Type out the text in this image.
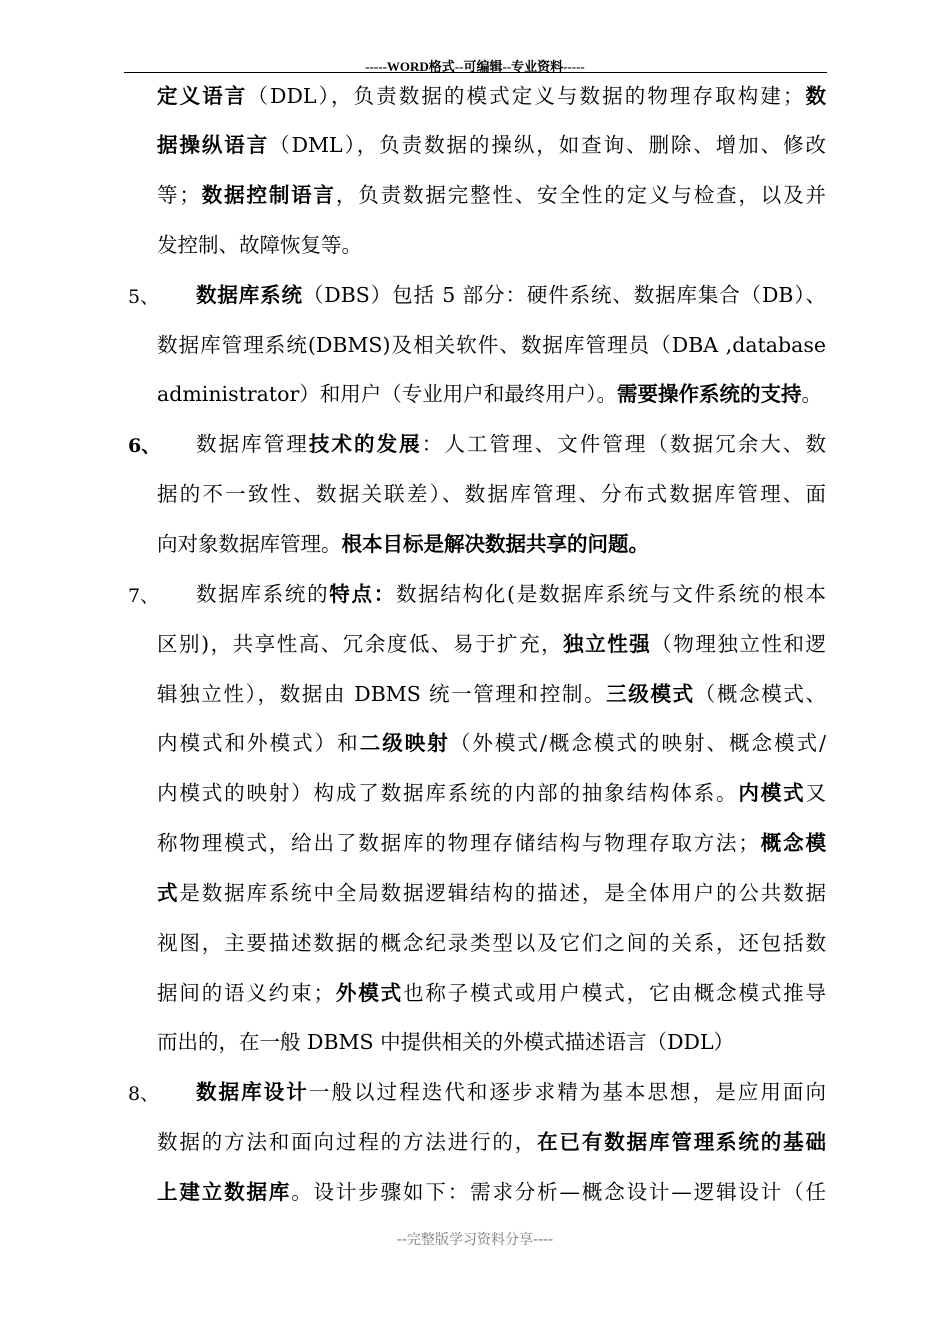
-----WORD格式--可编辑--专业资料-----
定义语言（DDL），负责数据的模式定义与数据的物理存取构建；数
据操纵语言（DML），负责数据的操纵，如查询、删除、增加、修改
等；数据控制语言，负责数据完整性、安全性的定义与检查，以及并
发控制、故障恢复等。
5、 数据库系统（DBS）包括 5 部分：硬件系统、数据库集合（DB）、
数据库管理系统(DBMS)及相关软件、数据库管理员（DBA ,database
administrator）和用户（专业用户和最终用户）。需要操作系统的支持。
6、 数据库管理技术的发展：人工管理、文件管理（数据冗余大、数
据的不一致性、数据关联差）、数据库管理、分布式数据库管理、面
向对象数据库管理。根本目标是解决数据共享的问题。
7、 数据库系统的特点：数据结构化(是数据库系统与文件系统的根本
区别)，共享性高、冗余度低、易于扩充，独立性强（物理独立性和逻
辑独立性），数据由 DBMS 统一管理和控制。三级模式（概念模式、
内模式和外模式）和二级映射（外模式/概念模式的映射、概念模式/
内模式的映射）构成了数据库系统的内部的抽象结构体系。内模式又
称物理模式，给出了数据库的物理存储结构与物理存取方法；概念模
式是数据库系统中全局数据逻辑结构的描述，是全体用户的公共数据
视图，主要描述数据的概念纪录类型以及它们之间的关系，还包括数
据间的语义约束；外模式也称子模式或用户模式，它由概念模式推导
而出的，在一般 DBMS 中提供相关的外模式描述语言（DDL）
8、 数据库设计一般以过程迭代和逐步求精为基本思想，是应用面向
数据的方法和面向过程的方法进行的，在已有数据库管理系统的基础
上建立数据库。设计步骤如下：需求分析—概念设计—逻辑设计（任
--完整版学习资料分享----
